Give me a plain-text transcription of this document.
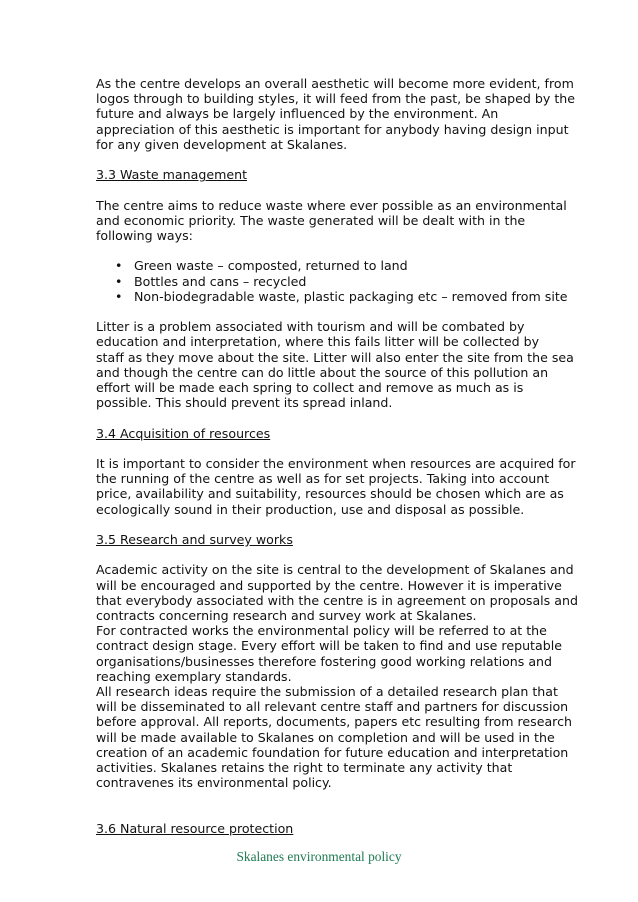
As the centre develops an overall aesthetic will become more evident, from
logos through to building styles, it will feed from the past, be shaped by the
future and always be largely influenced by the environment. An
appreciation of this aesthetic is important for anybody having design input
for any given development at Skalanes.

3.3 Waste management

The centre aims to reduce waste where ever possible as an environmental
and economic priority. The waste generated will be dealt with in the
following ways:

• Green waste – composted, returned to land
• Bottles and cans – recycled
• Non-biodegradable waste, plastic packaging etc – removed from site

Litter is a problem associated with tourism and will be combated by
education and interpretation, where this fails litter will be collected by
staff as they move about the site. Litter will also enter the site from the sea
and though the centre can do little about the source of this pollution an
effort will be made each spring to collect and remove as much as is
possible. This should prevent its spread inland.

3.4 Acquisition of resources

It is important to consider the environment when resources are acquired for
the running of the centre as well as for set projects. Taking into account
price, availability and suitability, resources should be chosen which are as
ecologically sound in their production, use and disposal as possible.

3.5 Research and survey works

Academic activity on the site is central to the development of Skalanes and
will be encouraged and supported by the centre. However it is imperative
that everybody associated with the centre is in agreement on proposals and
contracts concerning research and survey work at Skalanes.
For contracted works the environmental policy will be referred to at the
contract design stage. Every effort will be taken to find and use reputable
organisations/businesses therefore fostering good working relations and
reaching exemplary standards.
All research ideas require the submission of a detailed research plan that
will be disseminated to all relevant centre staff and partners for discussion
before approval. All reports, documents, papers etc resulting from research
will be made available to Skalanes on completion and will be used in the
creation of an academic foundation for future education and interpretation
activities. Skalanes retains the right to terminate any activity that
contravenes its environmental policy.

3.6 Natural resource protection

Skalanes environmental policy
